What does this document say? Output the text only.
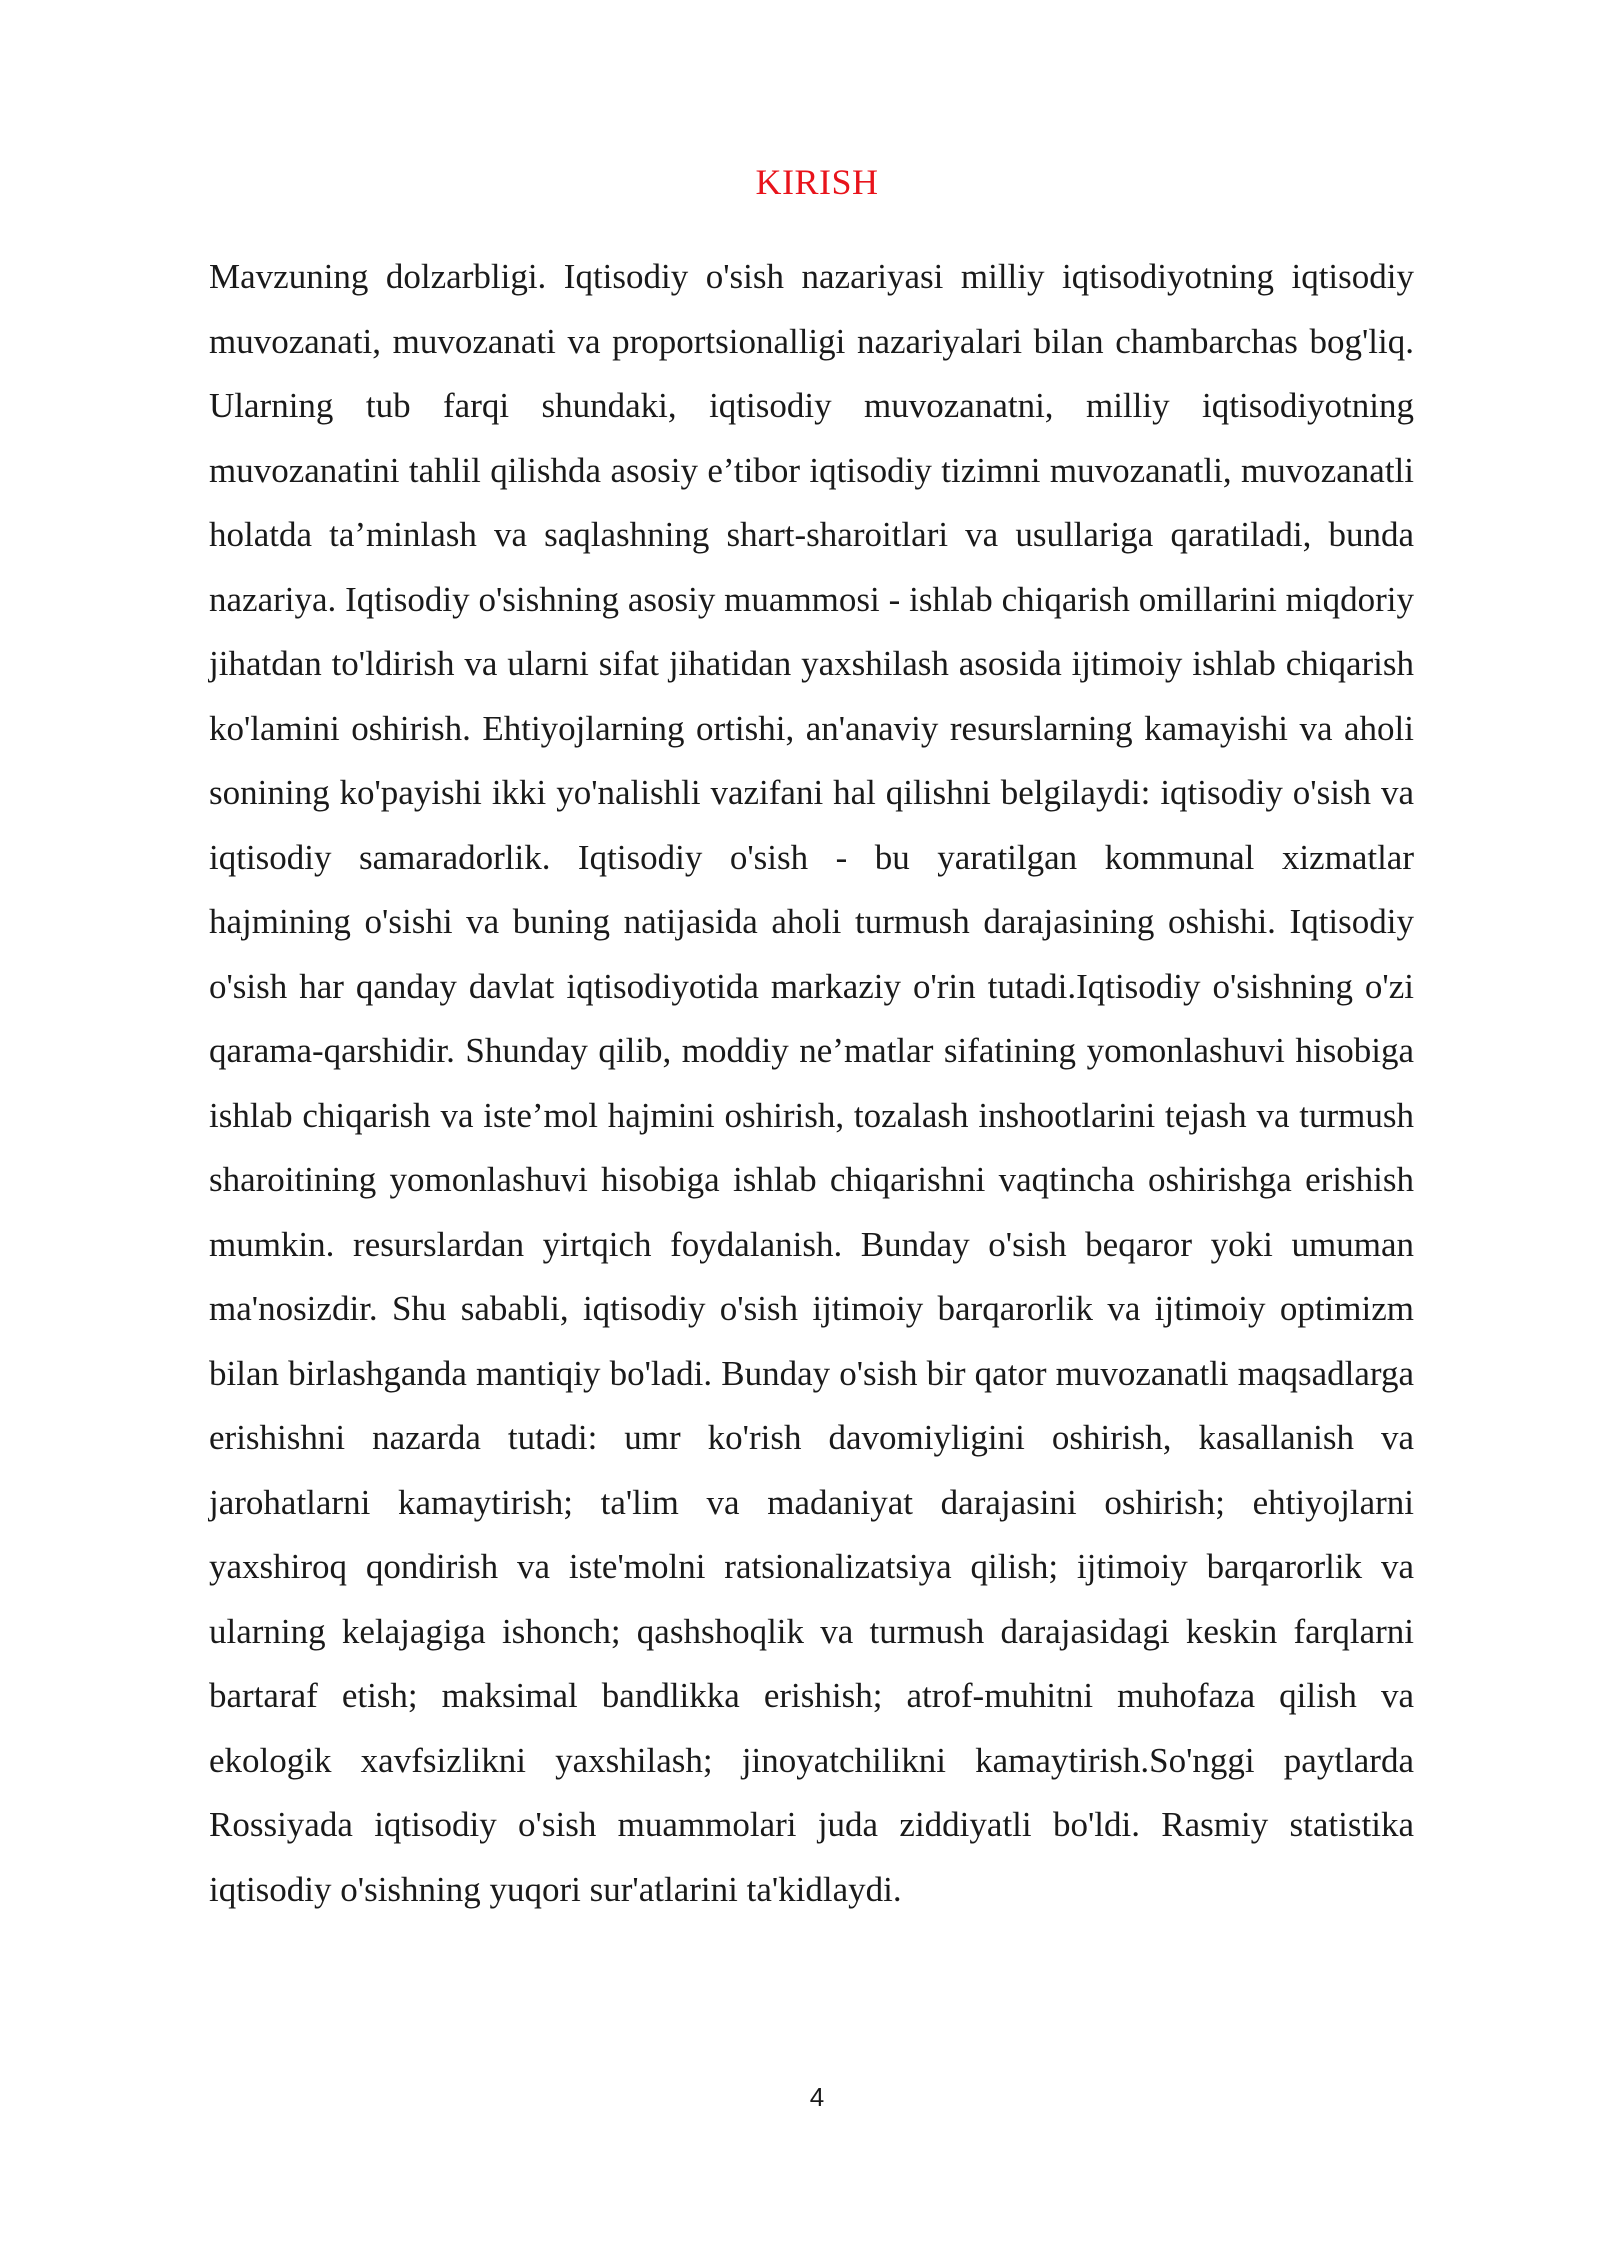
KIRISH

Mavzuning dolzarbligi. Iqtisodiy o'sish nazariyasi milliy iqtisodiyotning iqtisodiy muvozanati, muvozanati va proportsionalligi nazariyalari bilan chambarchas bog'liq. Ularning tub farqi shundaki, iqtisodiy muvozanatni, milliy iqtisodiyotning muvozanatini tahlil qilishda asosiy e’tibor iqtisodiy tizimni muvozanatli, muvozanatli holatda ta’minlash va saqlashning shart-sharoitlari va usullariga qaratiladi, bunda nazariya. Iqtisodiy o'sishning asosiy muammosi - ishlab chiqarish omillarini miqdoriy jihatdan to'ldirish va ularni sifat jihatidan yaxshilash asosida ijtimoiy ishlab chiqarish ko'lamini oshirish. Ehtiyojlarning ortishi, an'anaviy resurslarning kamayishi va aholi sonining ko'payishi ikki yo'nalishli vazifani hal qilishni belgilaydi: iqtisodiy o'sish va iqtisodiy samaradorlik. Iqtisodiy o'sish - bu yaratilgan kommunal xizmatlar hajmining o'sishi va buning natijasida aholi turmush darajasining oshishi. Iqtisodiy o'sish har qanday davlat iqtisodiyotida markaziy o'rin tutadi.Iqtisodiy o'sishning o'zi qarama-qarshidir. Shunday qilib, moddiy ne’matlar sifatining yomonlashuvi hisobiga ishlab chiqarish va iste’mol hajmini oshirish, tozalash inshootlarini tejash va turmush sharoitining yomonlashuvi hisobiga ishlab chiqarishni vaqtincha oshirishga erishish mumkin. resurslardan yirtqich foydalanish. Bunday o'sish beqaror yoki umuman ma'nosizdir. Shu sababli, iqtisodiy o'sish ijtimoiy barqarorlik va ijtimoiy optimizm bilan birlashganda mantiqiy bo'ladi. Bunday o'sish bir qator muvozanatli maqsadlarga erishishni nazarda tutadi: umr ko'rish davomiyligini oshirish, kasallanish va jarohatlarni kamaytirish; ta'lim va madaniyat darajasini oshirish; ehtiyojlarni yaxshiroq qondirish va iste'molni ratsionalizatsiya qilish; ijtimoiy barqarorlik va ularning kelajagiga ishonch; qashshoqlik va turmush darajasidagi keskin farqlarni bartaraf etish; maksimal bandlikka erishish; atrof-muhitni muhofaza qilish va ekologik xavfsizlikni yaxshilash; jinoyatchilikni kamaytirish.So'nggi paytlarda Rossiyada iqtisodiy o'sish muammolari juda ziddiyatli bo'ldi. Rasmiy statistika iqtisodiy o'sishning yuqori sur'atlarini ta'kidlaydi.

4
